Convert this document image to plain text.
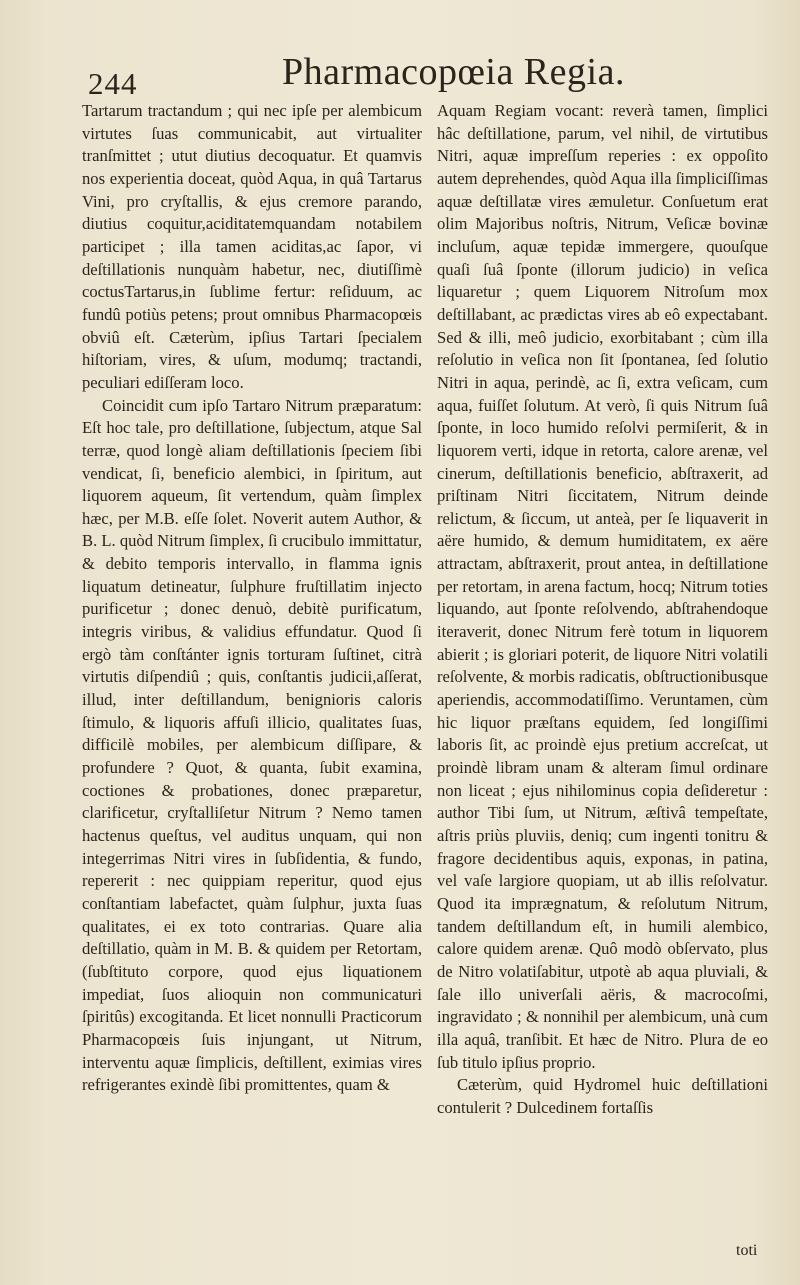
244	Pharmacopœia Regia.

Tartarum tractandum ; qui nec ipſe per alembicum virtutes ſuas communicabit, aut virtualiter tranſmittet ; utut diutius decoquatur. Et quamvis nos experientia doceat, quòd Aqua, in quâ Tartarus Vini, pro cryſtallis, & ejus cremore parando, diutius coquitur,aciditatemquandam notabilem participet ; illa tamen aciditas,ac ſapor, vi deſtillationis nunquàm habetur, nec, diutiſſimè coctusTartarus,in ſublime fertur: reſiduum, ac fundû potiùs petens; prout omnibus Pharmacopœis obviû eſt. Cæterùm, ipſius Tartari ſpecialem hiſtoriam, vires, & uſum, modumq; tractandi, peculiari ediſſeram loco.

Coincidit cum ipſo Tartaro Nitrum præparatum: Eſt hoc tale, pro deſtillatione, ſubjectum, atque Sal terræ, quod longè aliam deſtillationis ſpeciem ſibi vendicat, ſi, beneficio alembici, in ſpiritum, aut liquorem aqueum, ſit vertendum, quàm ſimplex hæc, per M.B. eſſe ſolet. Noverit autem Author, & B. L. quòd Nitrum ſimplex, ſi crucibulo immittatur, & debito temporis intervallo, in flamma ignis liquatum detineatur, ſulphure fruſtillatim injecto purificetur ; donec denuò, debitè purificatum, integris viribus, & validius effundatur. Quod ſi ergò tàm conſtánter ignis torturam ſuſtinet, citrà virtutis diſpendiû ; quis, conſtantis judicii,aſſerat, illud, inter deſtillandum, benignioris caloris ſtimulo, & liquoris affuſi illicio, qualitates ſuas, difficilè mobiles, per alembicum diſſipare, & profundere ? Quot, & quanta, ſubit examina, coctiones & probationes, donec præparetur, clarificetur, cryſtalliſetur Nitrum ? Nemo tamen hactenus queſtus, vel auditus unquam, qui non integerrimas Nitri vires in ſubſidentia, & fundo, repererit : nec quippiam reperitur, quod ejus conſtantiam labefactet, quàm ſulphur, juxta ſuas qualitates, ei ex toto contrarias. Quare alia deſtillatio, quàm in M. B. & quidem per Retortam, (ſubſtituto corpore, quod ejus liquationem impediat, ſuos alioquin non communicaturi ſpiritûs) excogitanda. Et licet nonnulli Practicorum Pharmacopœis ſuis injungant, ut Nitrum, interventu aquæ ſimplicis, deſtillent, eximias vires refrigerantes exindè ſibi promittentes, quam &

Aquam Regiam vocant: reverà tamen, ſimplici hâc deſtillatione, parum, vel nihil, de virtutibus Nitri, aquæ impreſſum reperies : ex oppoſito autem deprehendes, quòd Aqua illa ſimpliciſſimas aquæ deſtillatæ vires æmuletur. Conſuetum erat olim Majoribus noſtris, Nitrum, Veſicæ bovinæ incluſum, aquæ tepidæ immergere, quouſque quaſi ſuâ ſponte (illorum judicio) in veſica liquaretur ; quem Liquorem Nitroſum mox deſtillabant, ac prædictas vires ab eô expectabant. Sed & illi, meô judicio, exorbitabant ; cùm illa reſolutio in veſica non ſit ſpontanea, ſed ſolutio Nitri in aqua, perindè, ac ſi, extra veſicam, cum aqua, fuiſſet ſolutum. At verò, ſi quis Nitrum ſuâ ſponte, in loco humido reſolvi permiſerit, & in liquorem verti, idque in retorta, calore arenæ, vel cinerum, deſtillationis beneficio, abſtraxerit, ad priſtinam Nitri ſiccitatem, Nitrum deinde relictum, & ſiccum, ut anteà, per ſe liquaverit in aëre humido, & demum humiditatem, ex aëre attractam, abſtraxerit, prout antea, in deſtillatione per retortam, in arena factum, hocq; Nitrum toties liquando, aut ſponte reſolvendo, abſtrahendoque iteraverit, donec Nitrum ferè totum in liquorem abierit ; is gloriari poterit, de liquore Nitri volatili reſolvente, & morbis radicatis, obſtructionibusque aperiendis, accommodatiſſimo. Veruntamen, cùm hic liquor præſtans equidem, ſed longiſſimi laboris ſit, ac proindè ejus pretium accreſcat, ut proindè libram unam & alteram ſimul ordinare non liceat ; ejus nihilominus copia deſideretur : author Tibi ſum, ut Nitrum, æſtivâ tempeſtate, aſtris priùs pluviis, deniq; cum ingenti tonitru & fragore decidentibus aquis, exponas, in patina, vel vaſe largiore quopiam, ut ab illis reſolvatur. Quod ita imprægnatum, & reſolutum Nitrum, tandem deſtillandum eſt, in humili alembico, calore quidem arenæ. Quô modò obſervato, plus de Nitro volatiſabitur, utpotè ab aqua pluviali, & ſale illo univerſali aëris, & macrocoſmi, ingravidato ; & nonnihil per alembicum, unà cum illa aquâ, tranſibit. Et hæc de Nitro. Plura de eo ſub titulo ipſius proprio.

Cæterùm, quid Hydromel huic deſtillationi contulerit ? Dulcedinem fortaſſis

toti
